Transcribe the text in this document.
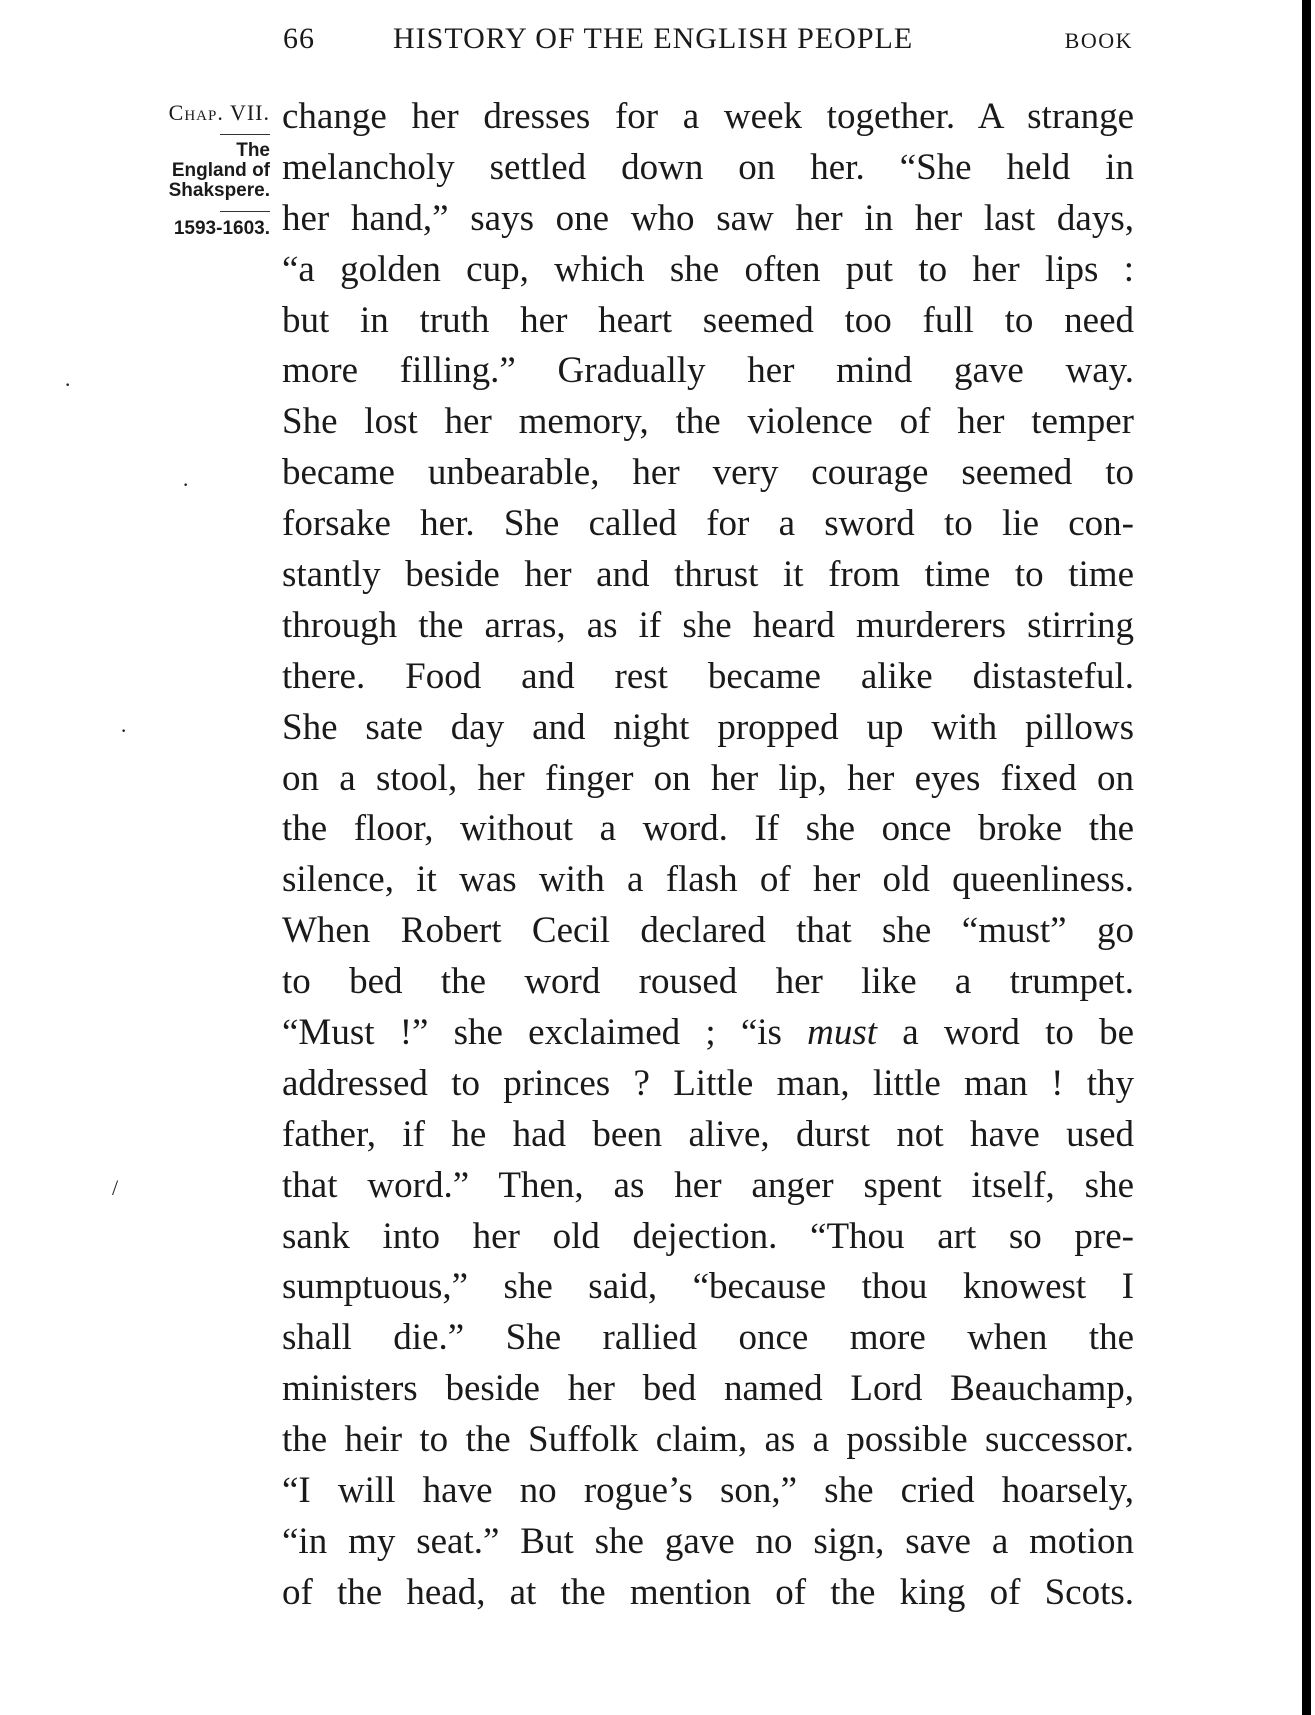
66	HISTORY OF THE ENGLISH PEOPLE	BOOK
Chap. VII.
The
England of
Shakspere.
1593-1603.
change her dresses for a week together. A strange
melancholy settled down on her. “She held in
her hand,” says one who saw her in her last days,
“a golden cup, which she often put to her lips :
but in truth her heart seemed too full to need
more filling.” Gradually her mind gave way.
She lost her memory, the violence of her temper
became unbearable, her very courage seemed to
forsake her. She called for a sword to lie con-
stantly beside her and thrust it from time to time
through the arras, as if she heard murderers stirring
there. Food and rest became alike distasteful.
She sate day and night propped up with pillows
on a stool, her finger on her lip, her eyes fixed on
the floor, without a word. If she once broke the
silence, it was with a flash of her old queenliness.
When Robert Cecil declared that she “must” go
to bed the word roused her like a trumpet.
“Must !” she exclaimed ; “is must a word to be
addressed to princes ? Little man, little man ! thy
father, if he had been alive, durst not have used
that word.” Then, as her anger spent itself, she
sank into her old dejection. “Thou art so pre-
sumptuous,” she said, “because thou knowest I
shall die.” She rallied once more when the
ministers beside her bed named Lord Beauchamp,
the heir to the Suffolk claim, as a possible successor.
“I will have no rogue’s son,” she cried hoarsely,
“in my seat.” But she gave no sign, save a motion
of the head, at the mention of the king of Scots.
·
·
·
/
